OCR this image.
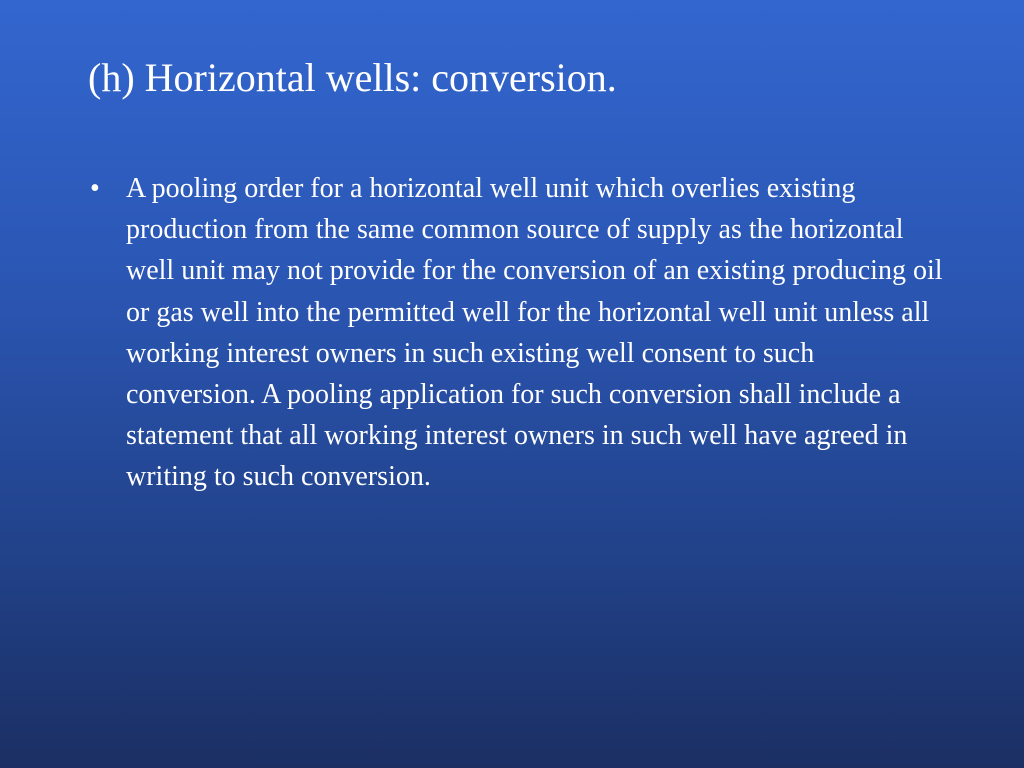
(h) Horizontal wells: conversion.
• A pooling order for a horizontal well unit which overlies existing production from the same common source of supply as the horizontal well unit may not provide for the conversion of an existing producing oil or gas well into the permitted well for the horizontal well unit unless all working interest owners in such existing well consent to such conversion. A pooling application for such conversion shall include a statement that all working interest owners in such well have agreed in writing to such conversion.
